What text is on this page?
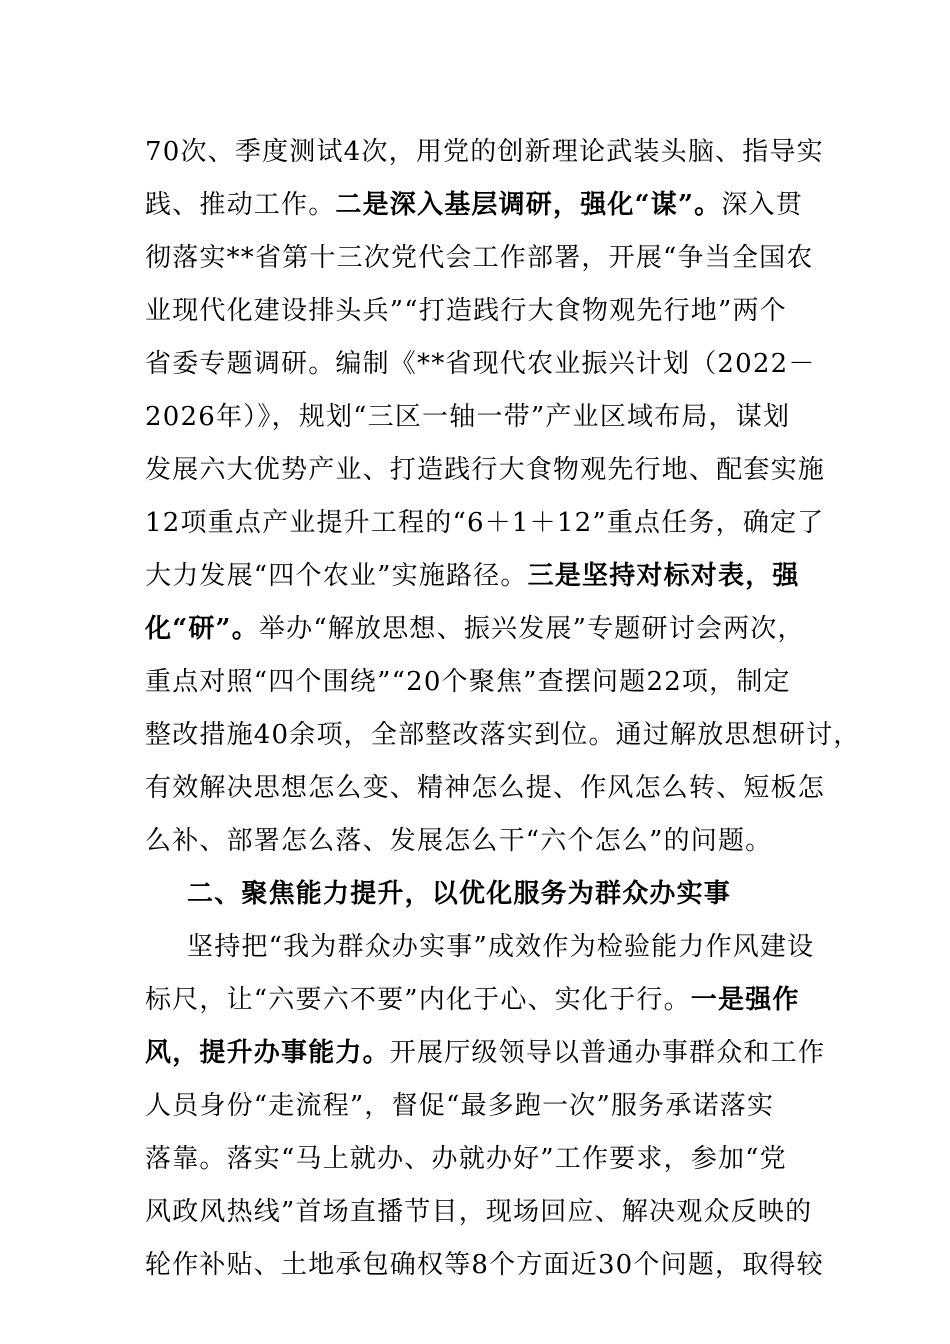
70次、季度测试4次，用党的创新理论武装头脑、指导实
践、推动工作。二是深入基层调研，强化“谋”。深入贯
彻落实**省第十三次党代会工作部署，开展“争当全国农
业现代化建设排头兵”“打造践行大食物观先行地”两个
省委专题调研。编制《**省现代农业振兴计划（2022－
2026年）》，规划“三区一轴一带”产业区域布局，谋划
发展六大优势产业、打造践行大食物观先行地、配套实施
12项重点产业提升工程的“6＋1＋12”重点任务，确定了
大力发展“四个农业”实施路径。三是坚持对标对表，强
化“研”。举办“解放思想、振兴发展”专题研讨会两次，
重点对照“四个围绕”“20个聚焦”查摆问题22项，制定
整改措施40余项，全部整改落实到位。通过解放思想研讨，
有效解决思想怎么变、精神怎么提、作风怎么转、短板怎
么补、部署怎么落、发展怎么干“六个怎么”的问题。
二、聚焦能力提升，以优化服务为群众办实事
坚持把“我为群众办实事”成效作为检验能力作风建设
标尺，让“六要六不要”内化于心、实化于行。一是强作
风，提升办事能力。开展厅级领导以普通办事群众和工作
人员身份“走流程”，督促“最多跑一次”服务承诺落实
落靠。落实“马上就办、办就办好”工作要求，参加“党
风政风热线”首场直播节目，现场回应、解决观众反映的
轮作补贴、土地承包确权等8个方面近30个问题，取得较
